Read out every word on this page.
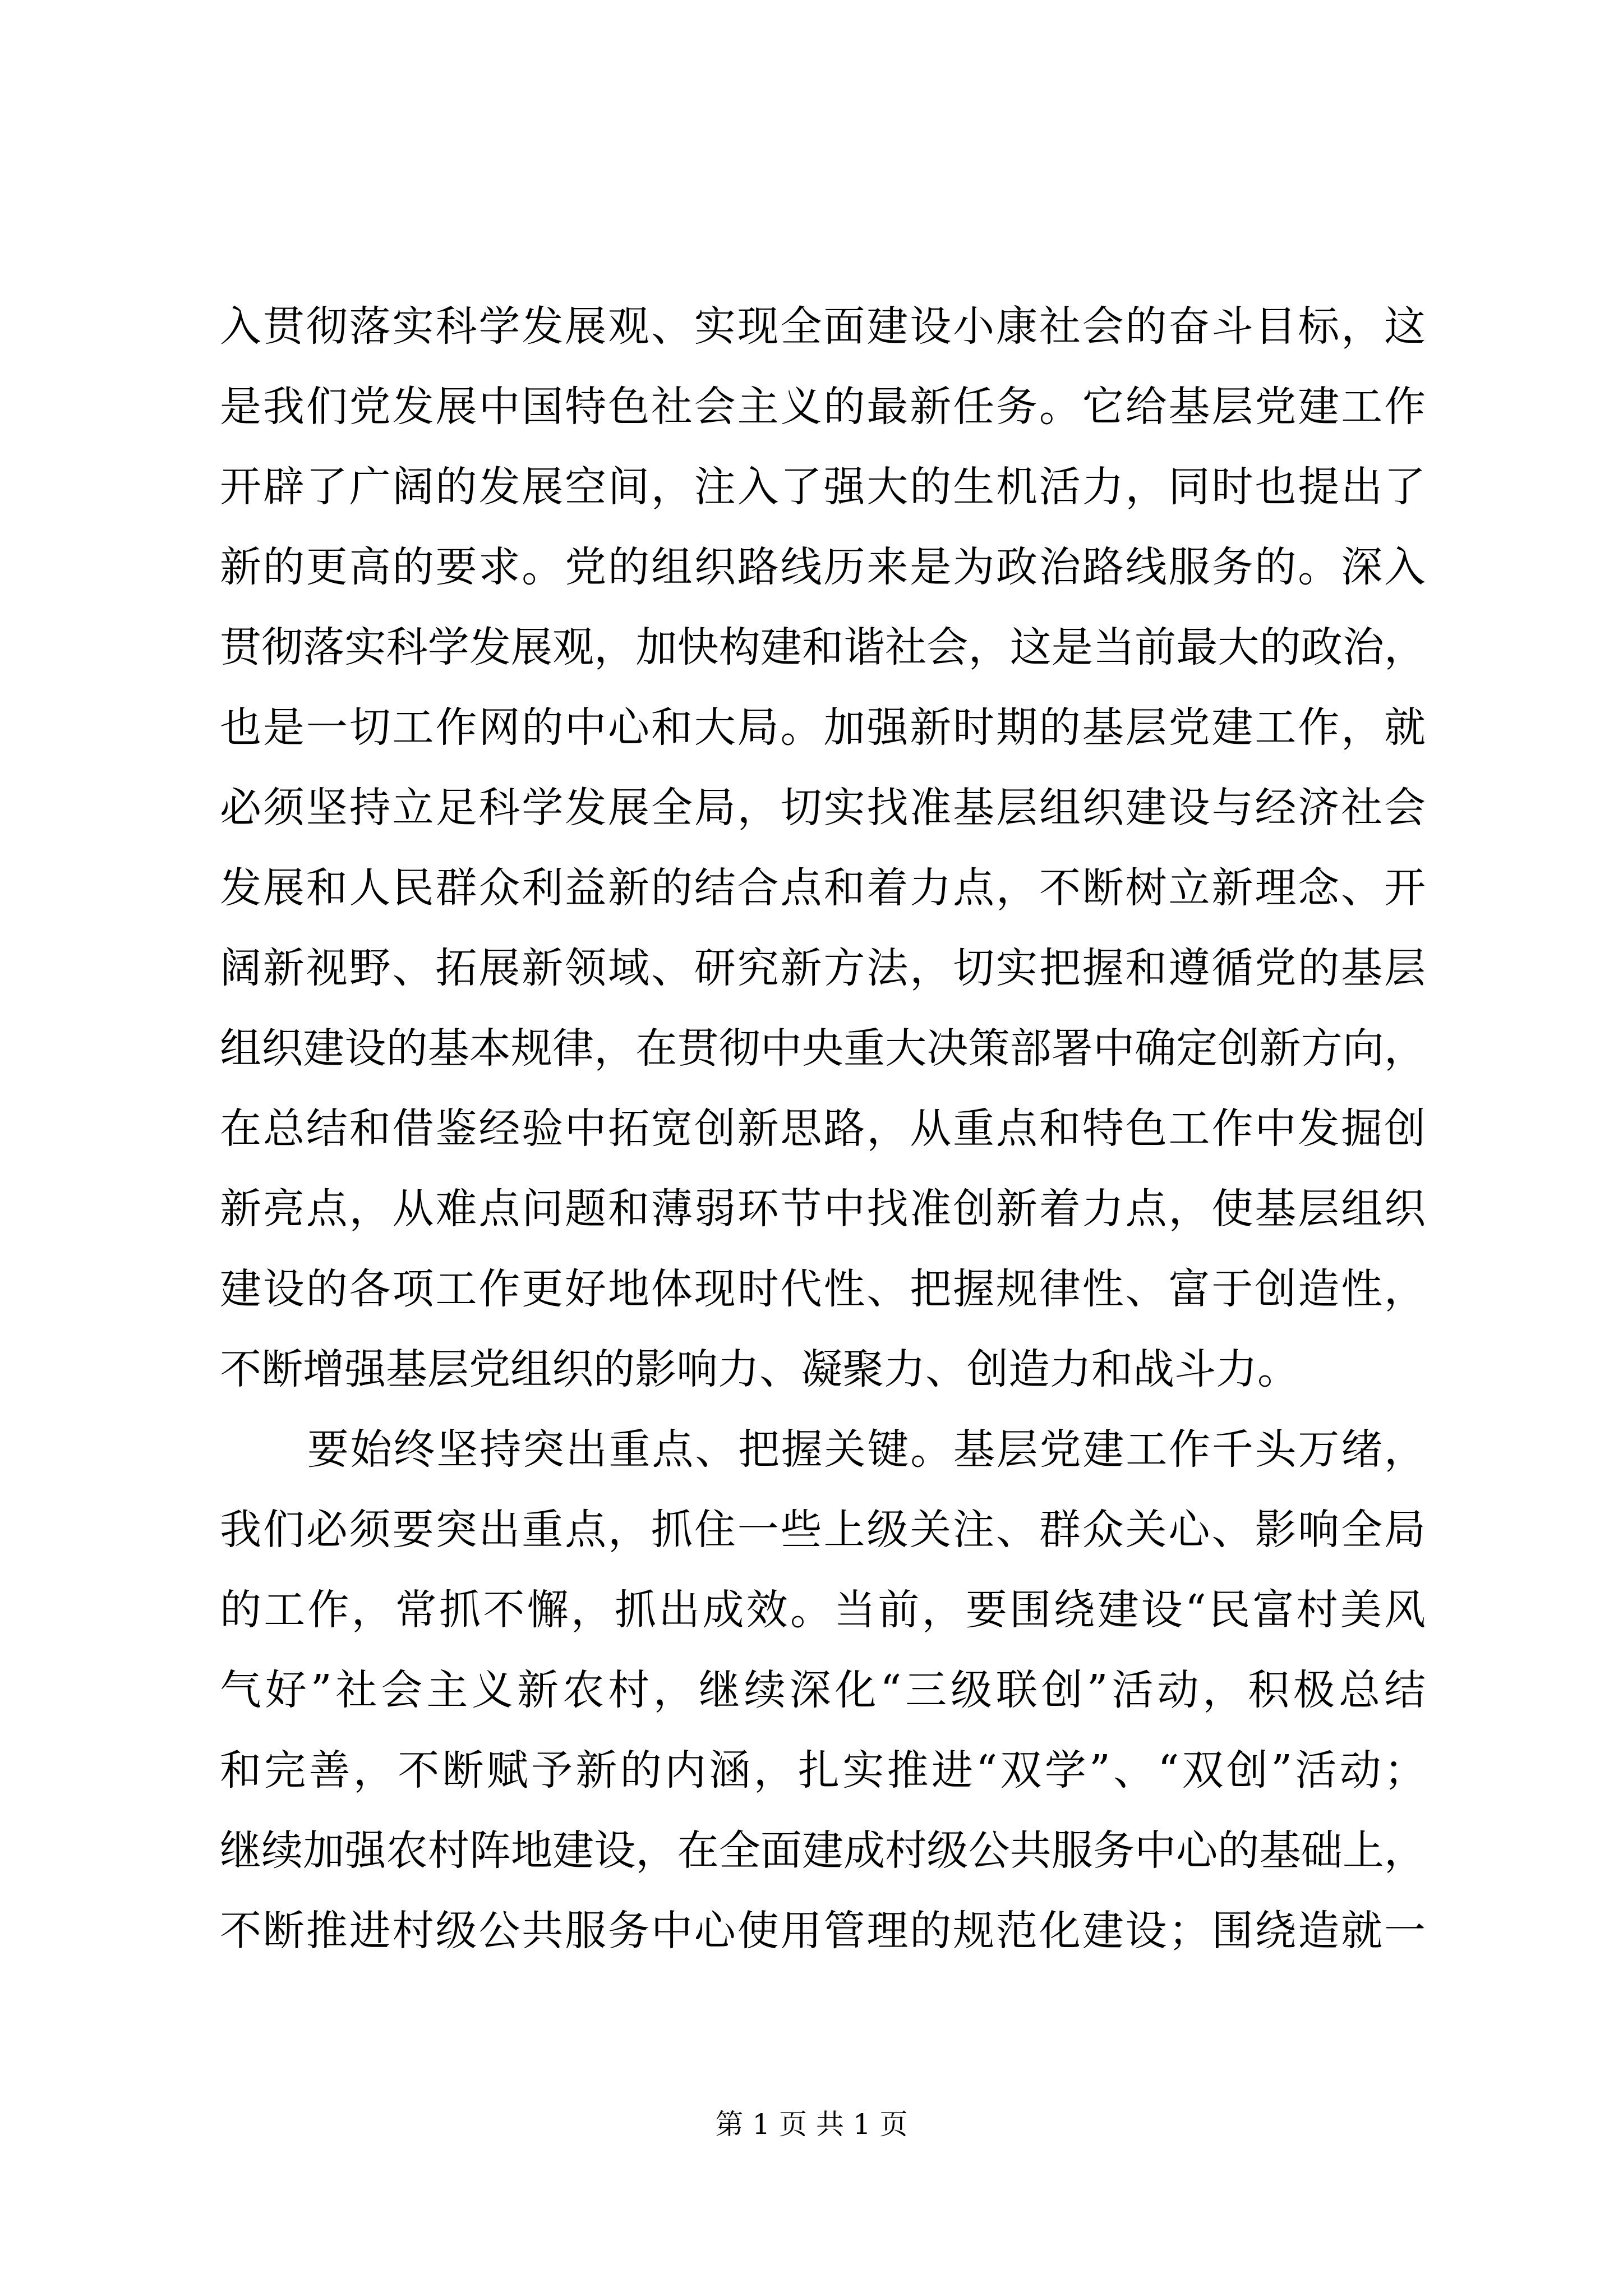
入贯彻落实科学发展观、实现全面建设小康社会的奋斗目标，这
是我们党发展中国特色社会主义的最新任务。它给基层党建工作
开辟了广阔的发展空间，注入了强大的生机活力，同时也提出了
新的更高的要求。党的组织路线历来是为政治路线服务的。深入
贯彻落实科学发展观，加快构建和谐社会，这是当前最大的政治，
也是一切工作网的中心和大局。加强新时期的基层党建工作，就
必须坚持立足科学发展全局，切实找准基层组织建设与经济社会
发展和人民群众利益新的结合点和着力点，不断树立新理念、开
阔新视野、拓展新领域、研究新方法，切实把握和遵循党的基层
组织建设的基本规律，在贯彻中央重大决策部署中确定创新方向，
在总结和借鉴经验中拓宽创新思路，从重点和特色工作中发掘创
新亮点，从难点问题和薄弱环节中找准创新着力点，使基层组织
建设的各项工作更好地体现时代性、把握规律性、富于创造性，
不断增强基层党组织的影响力、凝聚力、创造力和战斗力。
要始终坚持突出重点、把握关键。基层党建工作千头万绪，
我们必须要突出重点，抓住一些上级关注、群众关心、影响全局
的工作，常抓不懈，抓出成效。当前，要围绕建设“民富村美风
气好”社会主义新农村，继续深化“三级联创”活动，积极总结
和完善，不断赋予新的内涵，扎实推进“双学”、“双创”活动；
继续加强农村阵地建设，在全面建成村级公共服务中心的基础上，
不断推进村级公共服务中心使用管理的规范化建设；围绕造就一
第 1 页 共 1 页
